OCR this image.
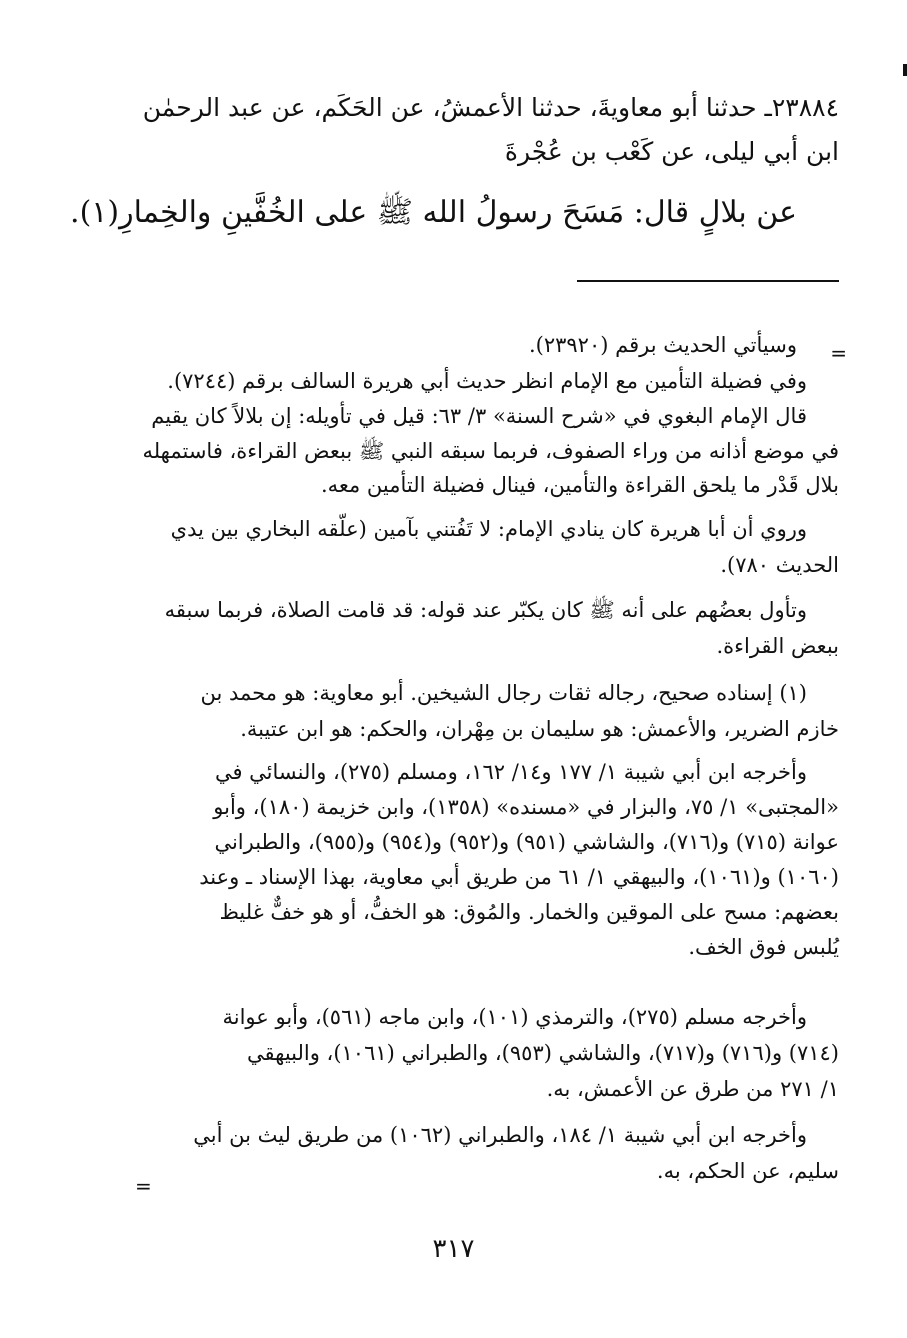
٢٣٨٨٤ـ حدثنا أبو معاويةَ، حدثنا الأعمشُ، عن الحَكَم، عن عبد الرحمٰن
ابن أبي ليلى، عن كَعْب بن عُجْرةَ
عن بلالٍ قال: مَسَحَ رسولُ الله ﷺ على الخُفَّينِ والخِمارِ(١).
=
وسيأتي الحديث برقم (٢٣٩٢٠).
وفي فضيلة التأمين مع الإمام انظر حديث أبي هريرة السالف برقم (٧٢٤٤).
قال الإمام البغوي في «شرح السنة» ٣/ ٦٣: قيل في تأويله: إن بلالاً كان يقيم
في موضع أذانه من وراء الصفوف، فربما سبقه النبي ﷺ ببعض القراءة، فاستمهله
بلال قَدْر ما يلحق القراءة والتأمين، فينال فضيلة التأمين معه.
وروي أن أبا هريرة كان ينادي الإمام: لا تَفُتني بآمين (علّقه البخاري بين يدي
الحديث ٧٨٠).
وتأول بعضُهم على أنه ﷺ كان يكبّر عند قوله: قد قامت الصلاة، فربما سبقه
ببعض القراءة.
(١) إسناده صحيح، رجاله ثقات رجال الشيخين. أبو معاوية: هو محمد بن
خازم الضرير، والأعمش: هو سليمان بن مِهْران، والحكم: هو ابن عتيبة.
وأخرجه ابن أبي شيبة ١/ ١٧٧ و١٤/ ١٦٢، ومسلم (٢٧٥)، والنسائي في
«المجتبى» ١/ ٧٥، والبزار في «مسنده» (١٣٥٨)، وابن خزيمة (١٨٠)، وأبو
عوانة (٧١٥) و(٧١٦)، والشاشي (٩٥١) و(٩٥٢) و(٩٥٤) و(٩٥٥)، والطبراني
(١٠٦٠) و(١٠٦١)، والبيهقي ١/ ٦١ من طريق أبي معاوية، بهذا الإسناد ـ وعند
بعضهم: مسح على الموقين والخمار. والمُوق: هو الخفُّ، أو هو خفٌّ غليظ
يُلبس فوق الخف.
وأخرجه مسلم (٢٧٥)، والترمذي (١٠١)، وابن ماجه (٥٦١)، وأبو عوانة
(٧١٤) و(٧١٦) و(٧١٧)، والشاشي (٩٥٣)، والطبراني (١٠٦١)، والبيهقي
١/ ٢٧١ من طرق عن الأعمش، به.
وأخرجه ابن أبي شيبة ١/ ١٨٤، والطبراني (١٠٦٢) من طريق ليث بن أبي
سليم، عن الحكم، به.
=
٣١٧
